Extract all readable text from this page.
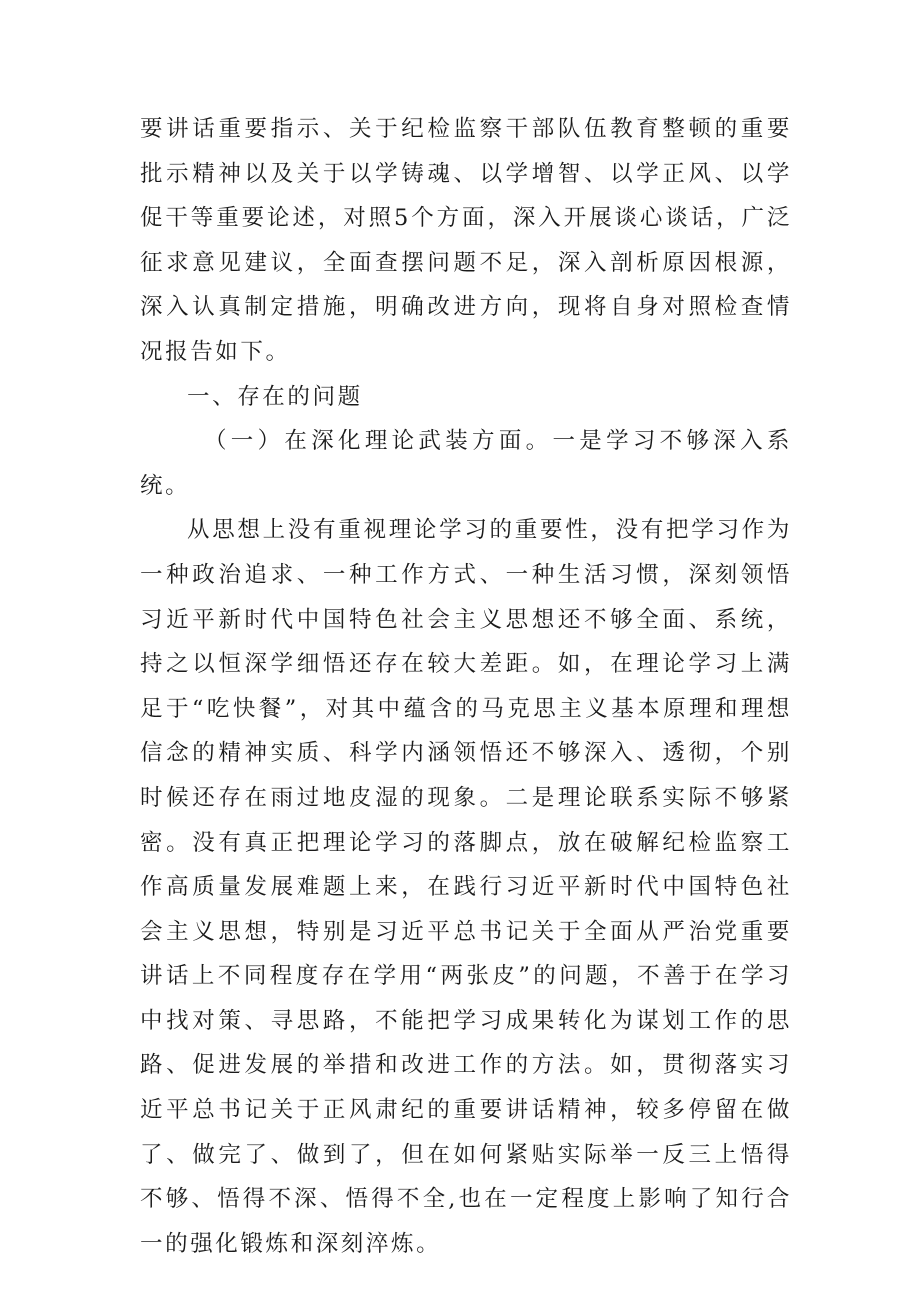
要讲话重要指示、关于纪检监察干部队伍教育整顿的重要批示精神以及关于以学铸魂、以学增智、以学正风、以学促干等重要论述，对照5个方面，深入开展谈心谈话，广泛征求意见建议，全面查摆问题不足，深入剖析原因根源，深入认真制定措施，明确改进方向，现将自身对照检查情况报告如下。

一、存在的问题

（一）在深化理论武装方面。一是学习不够深入系统。

从思想上没有重视理论学习的重要性，没有把学习作为一种政治追求、一种工作方式、一种生活习惯，深刻领悟习近平新时代中国特色社会主义思想还不够全面、系统，持之以恒深学细悟还存在较大差距。如，在理论学习上满足于“吃快餐”，对其中蕴含的马克思主义基本原理和理想信念的精神实质、科学内涵领悟还不够深入、透彻，个别时候还存在雨过地皮湿的现象。二是理论联系实际不够紧密。没有真正把理论学习的落脚点，放在破解纪检监察工作高质量发展难题上来，在践行习近平新时代中国特色社会主义思想，特别是习近平总书记关于全面从严治党重要讲话上不同程度存在学用“两张皮”的问题，不善于在学习中找对策、寻思路，不能把学习成果转化为谋划工作的思路、促进发展的举措和改进工作的方法。如，贯彻落实习近平总书记关于正风肃纪的重要讲话精神，较多停留在做了、做完了、做到了，但在如何紧贴实际举一反三上悟得不够、悟得不深、悟得不全,也在一定程度上影响了知行合一的强化锻炼和深刻淬炼。
